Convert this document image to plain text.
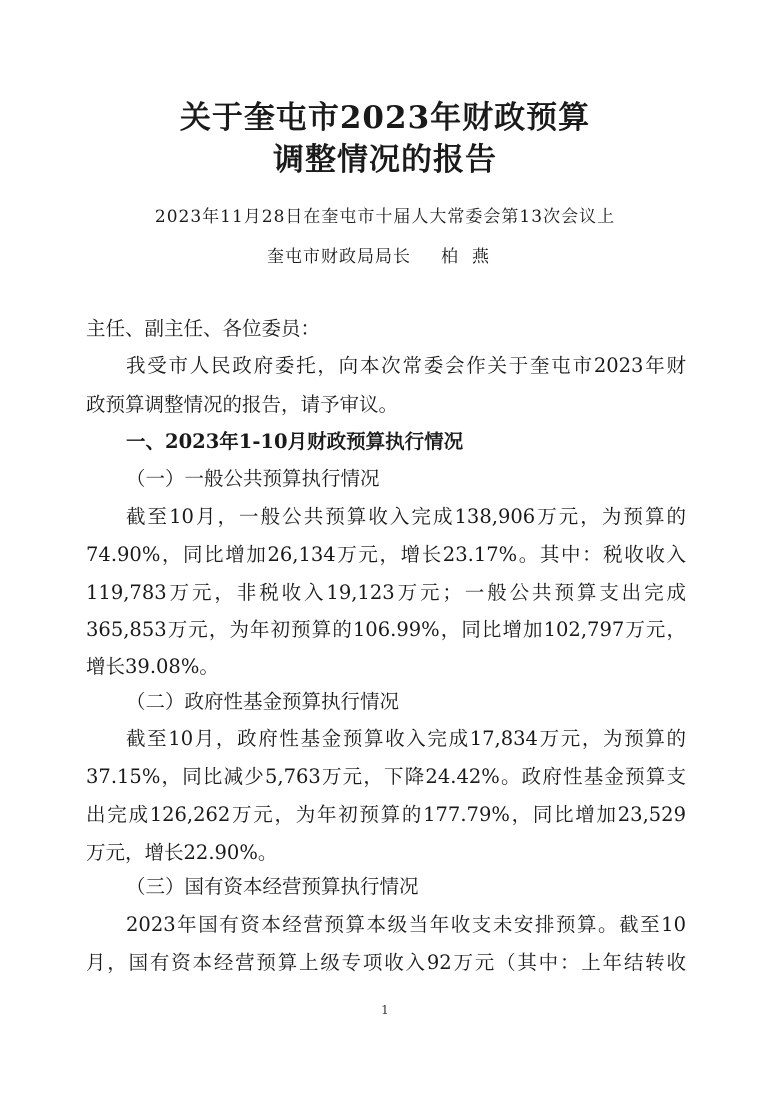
关于奎屯市2023年财政预算
调整情况的报告
2023年11月28日在奎屯市十届人大常委会第13次会议上
奎屯市财政局局长 柏燕
主任、副主任、各位委员：
我受市人民政府委托，向本次常委会作关于奎屯市2023年财
政预算调整情况的报告，请予审议。
一、2023年1-10月财政预算执行情况
（一）一般公共预算执行情况
截至10月，一般公共预算收入完成138,906万元，为预算的
74.90%，同比增加26,134万元，增长23.17%。其中：税收收入
119,783万元，非税收入19,123万元；一般公共预算支出完成
365,853万元，为年初预算的106.99%，同比增加102,797万元，
增长39.08%。
（二）政府性基金预算执行情况
截至10月，政府性基金预算收入完成17,834万元，为预算的
37.15%，同比减少5,763万元，下降24.42%。政府性基金预算支
出完成126,262万元，为年初预算的177.79%，同比增加23,529
万元，增长22.90%。
（三）国有资本经营预算执行情况
2023年国有资本经营预算本级当年收支未安排预算。截至10
月，国有资本经营预算上级专项收入92万元（其中：上年结转收
1
